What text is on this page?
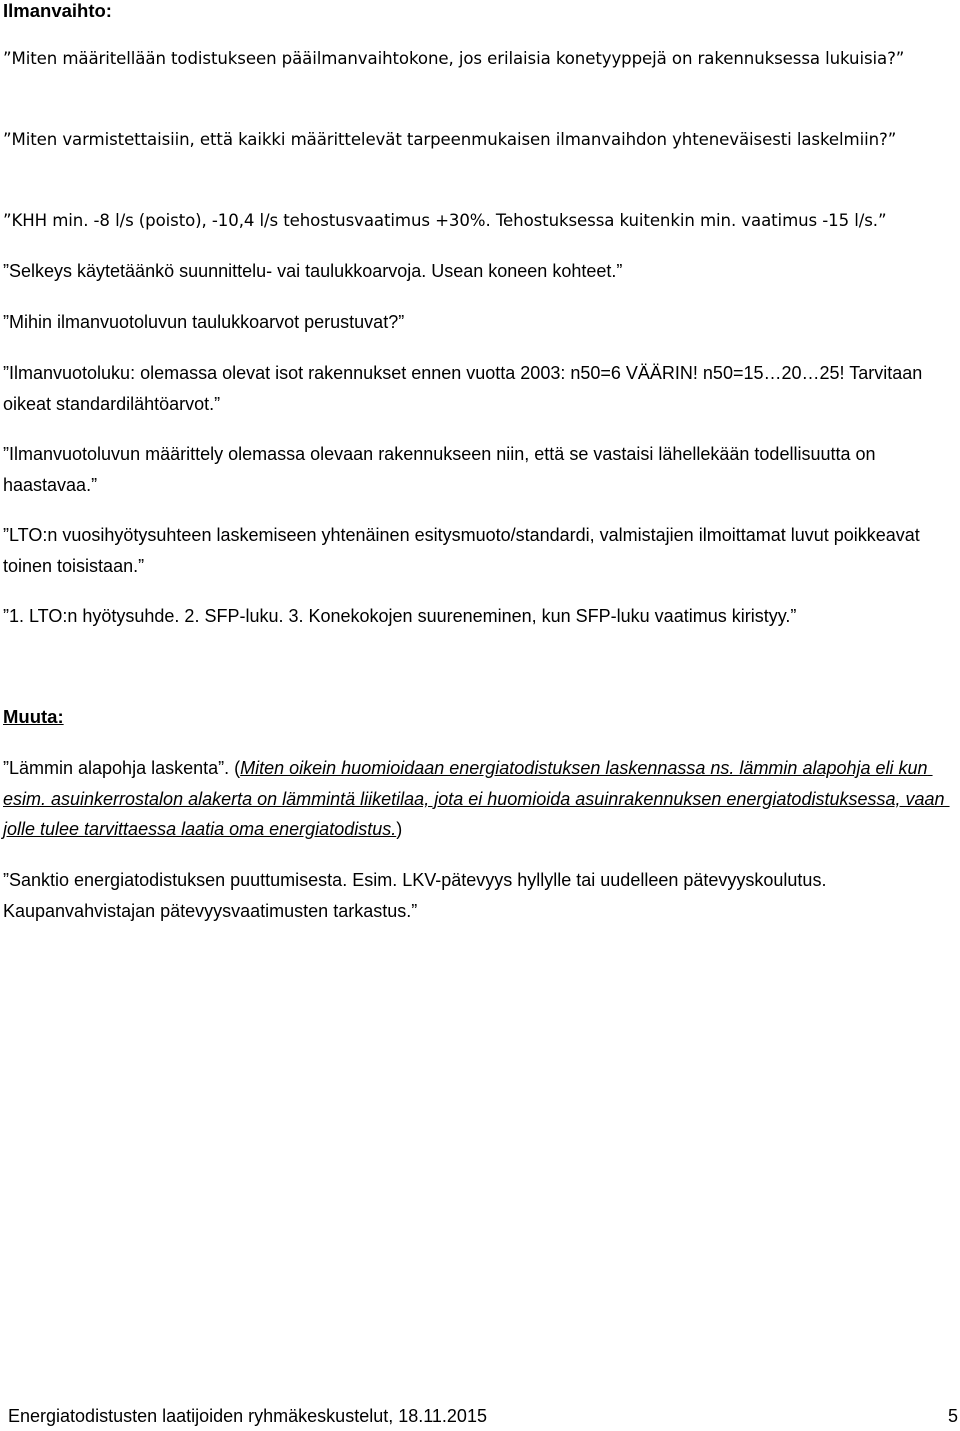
Ilmanvaihto:

”Miten määritellään todistukseen pääilmanvaihtokone, jos erilaisia konetyyppejä on rakennuksessa lukuisia?”

”Miten varmistettaisiin, että kaikki määrittelevät tarpeenmukaisen ilmanvaihdon yhteneväisesti laskelmiin?”

”KHH min. -8 l/s (poisto), -10,4 l/s tehostusvaatimus +30%. Tehostuksessa kuitenkin min. vaatimus -15 l/s.”

”Selkeys käytetäänkö suunnittelu- vai taulukkoarvoja. Usean koneen kohteet.”

”Mihin ilmanvuotoluvun taulukkoarvot perustuvat?”

”Ilmanvuotoluku: olemassa olevat isot rakennukset ennen vuotta 2003: n50=6 VÄÄRIN! n50=15…20…25! Tarvitaan oikeat standardilähtöarvot.”

”Ilmanvuotoluvun määrittely olemassa olevaan rakennukseen niin, että se vastaisi lähellekään todellisuutta on haastavaa.”

”LTO:n vuosihyötysuhteen laskemiseen yhtenäinen esitysmuoto/standardi, valmistajien ilmoittamat luvut poikkeavat toinen toisistaan.”

”1. LTO:n hyötysuhde. 2. SFP-luku. 3. Konekokojen suureneminen, kun SFP-luku vaatimus kiristyy.”

Muuta:

”Lämmin alapohja laskenta”. (Miten oikein huomioidaan energiatodistuksen laskennassa ns. lämmin alapohja eli kun esim. asuinkerrostalon alakerta on lämmintä liiketilaa, jota ei huomioida asuinrakennuksen energiatodistuksessa, vaan jolle tulee tarvittaessa laatia oma energiatodistus.)

”Sanktio energiatodistuksen puuttumisesta. Esim. LKV-pätevyys hyllylle tai uudelleen pätevyyskoulutus. Kaupanvahvistajan pätevyysvaatimusten tarkastus.”

Energiatodistusten laatijoiden ryhmäkeskustelut, 18.11.2015	5
